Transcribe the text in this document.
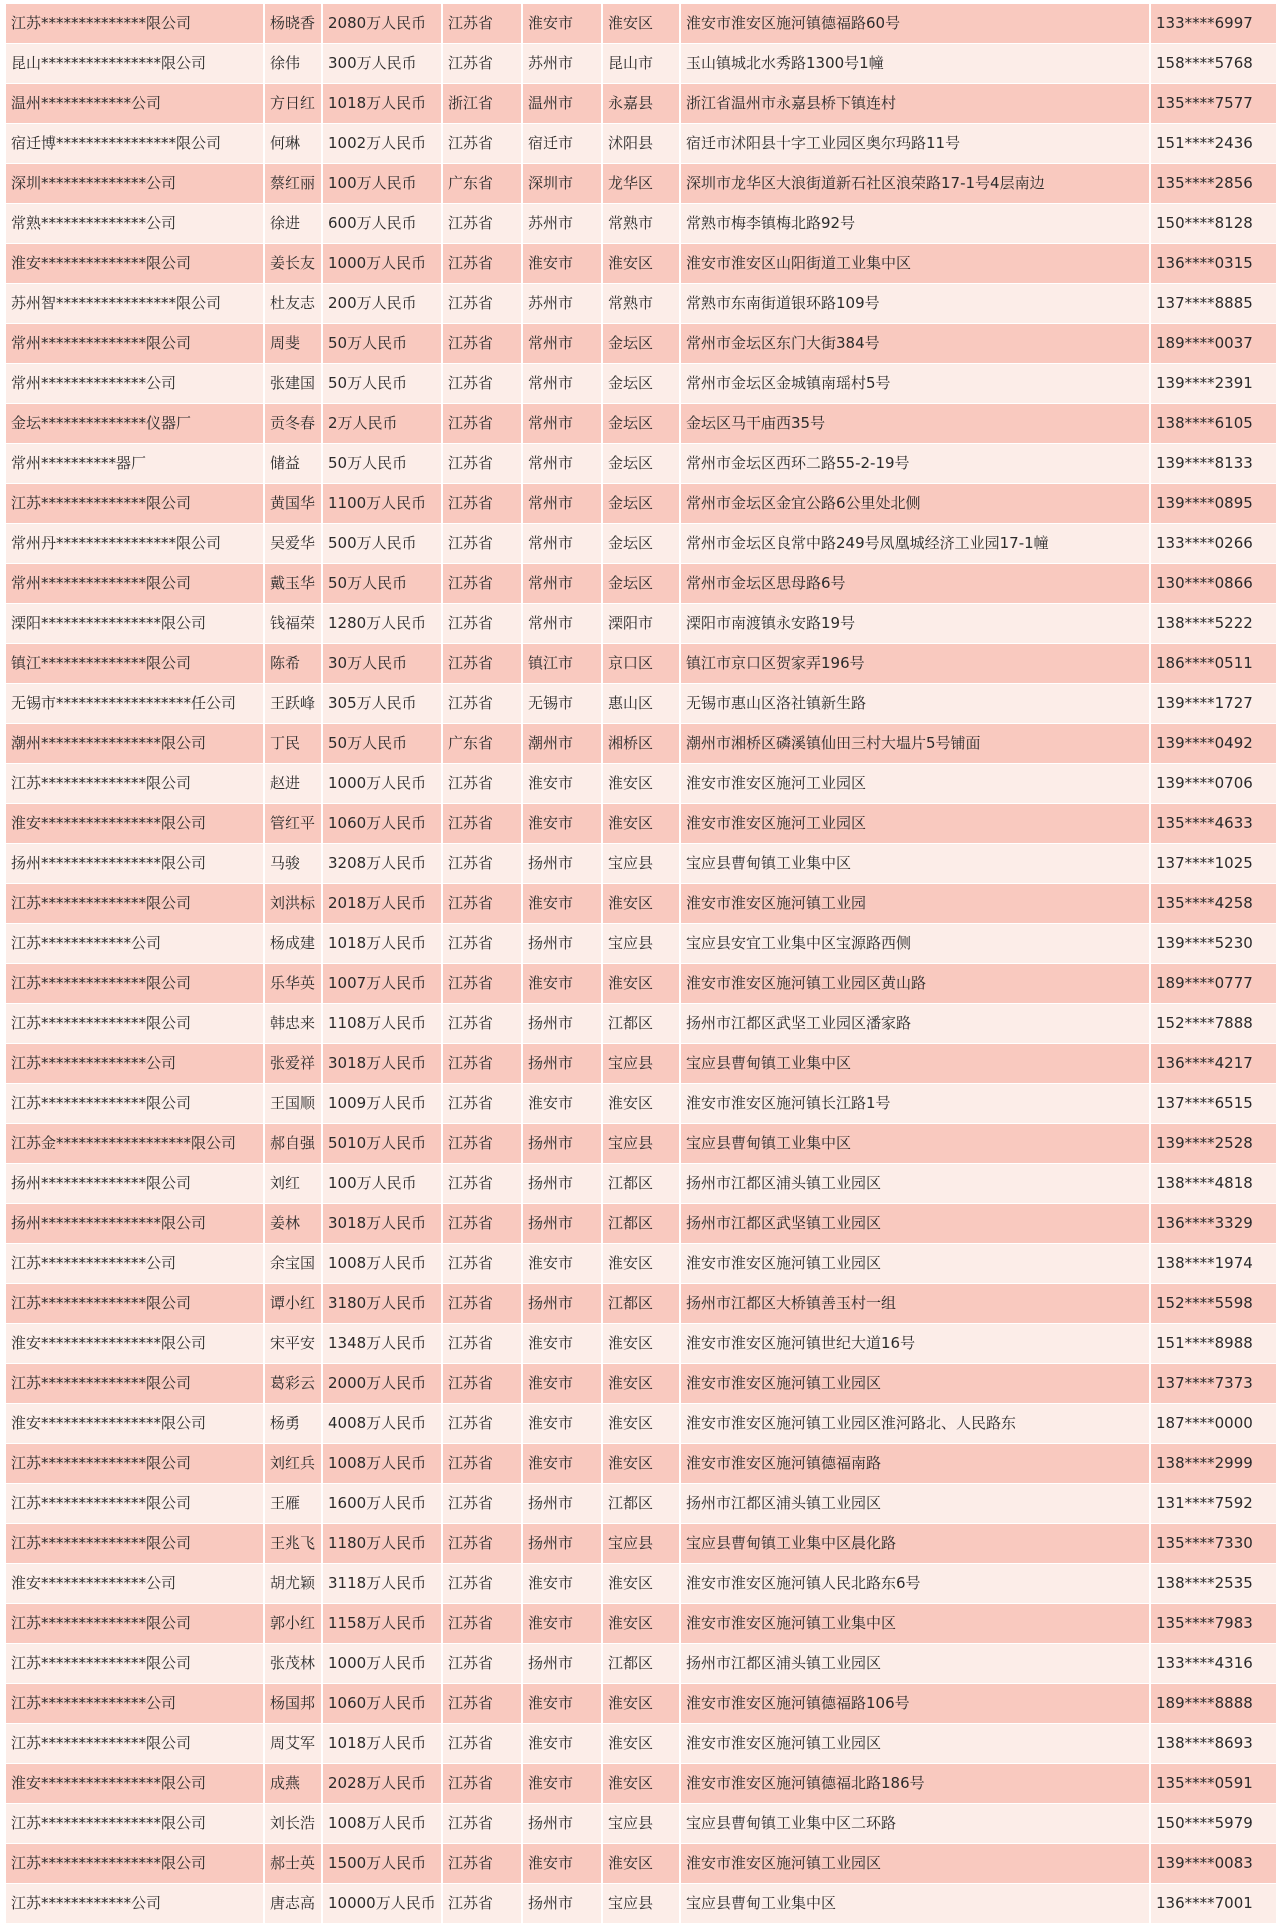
江苏**************限公司	杨晓香	2080万人民币	江苏省	淮安市	淮安区	淮安市淮安区施河镇德福路60号	133****6997
昆山****************限公司	徐伟	300万人民币	江苏省	苏州市	昆山市	玉山镇城北水秀路1300号1幢	158****5768
温州************公司	方日红	1018万人民币	浙江省	温州市	永嘉县	浙江省温州市永嘉县桥下镇连村	135****7577
宿迁博****************限公司	何琳	1002万人民币	江苏省	宿迁市	沭阳县	宿迁市沭阳县十字工业园区奥尔玛路11号	151****2436
深圳**************公司	蔡红丽	100万人民币	广东省	深圳市	龙华区	深圳市龙华区大浪街道新石社区浪荣路17-1号4层南边	135****2856
常熟**************公司	徐进	600万人民币	江苏省	苏州市	常熟市	常熟市梅李镇梅北路92号	150****8128
淮安**************限公司	姜长友	1000万人民币	江苏省	淮安市	淮安区	淮安市淮安区山阳街道工业集中区	136****0315
苏州智****************限公司	杜友志	200万人民币	江苏省	苏州市	常熟市	常熟市东南街道银环路109号	137****8885
常州**************限公司	周斐	50万人民币	江苏省	常州市	金坛区	常州市金坛区东门大街384号	189****0037
常州**************公司	张建国	50万人民币	江苏省	常州市	金坛区	常州市金坛区金城镇南瑶村5号	139****2391
金坛**************仪器厂	贡冬春	2万人民币	江苏省	常州市	金坛区	金坛区马干庙西35号	138****6105
常州**********器厂	储益	50万人民币	江苏省	常州市	金坛区	常州市金坛区西环二路55-2-19号	139****8133
江苏**************限公司	黄国华	1100万人民币	江苏省	常州市	金坛区	常州市金坛区金宜公路6公里处北侧	139****0895
常州丹****************限公司	吴爱华	500万人民币	江苏省	常州市	金坛区	常州市金坛区良常中路249号凤凰城经济工业园17-1幢	133****0266
常州**************限公司	戴玉华	50万人民币	江苏省	常州市	金坛区	常州市金坛区思母路6号	130****0866
溧阳****************限公司	钱福荣	1280万人民币	江苏省	常州市	溧阳市	溧阳市南渡镇永安路19号	138****5222
镇江**************限公司	陈希	30万人民币	江苏省	镇江市	京口区	镇江市京口区贺家弄196号	186****0511
无锡市******************任公司	王跃峰	305万人民币	江苏省	无锡市	惠山区	无锡市惠山区洛社镇新生路	139****1727
潮州****************限公司	丁民	50万人民币	广东省	潮州市	湘桥区	潮州市湘桥区磷溪镇仙田三村大塭片5号铺面	139****0492
江苏**************限公司	赵进	1000万人民币	江苏省	淮安市	淮安区	淮安市淮安区施河工业园区	139****0706
淮安****************限公司	管红平	1060万人民币	江苏省	淮安市	淮安区	淮安市淮安区施河工业园区	135****4633
扬州****************限公司	马骏	3208万人民币	江苏省	扬州市	宝应县	宝应县曹甸镇工业集中区	137****1025
江苏**************限公司	刘洪标	2018万人民币	江苏省	淮安市	淮安区	淮安市淮安区施河镇工业园	135****4258
江苏************公司	杨成建	1018万人民币	江苏省	扬州市	宝应县	宝应县安宜工业集中区宝源路西侧	139****5230
江苏**************限公司	乐华英	1007万人民币	江苏省	淮安市	淮安区	淮安市淮安区施河镇工业园区黄山路	189****0777
江苏**************限公司	韩忠来	1108万人民币	江苏省	扬州市	江都区	扬州市江都区武坚工业园区潘家路	152****7888
江苏**************公司	张爱祥	3018万人民币	江苏省	扬州市	宝应县	宝应县曹甸镇工业集中区	136****4217
江苏**************限公司	王国顺	1009万人民币	江苏省	淮安市	淮安区	淮安市淮安区施河镇长江路1号	137****6515
江苏金******************限公司	郝自强	5010万人民币	江苏省	扬州市	宝应县	宝应县曹甸镇工业集中区	139****2528
扬州**************限公司	刘红	100万人民币	江苏省	扬州市	江都区	扬州市江都区浦头镇工业园区	138****4818
扬州****************限公司	姜林	3018万人民币	江苏省	扬州市	江都区	扬州市江都区武坚镇工业园区	136****3329
江苏**************公司	余宝国	1008万人民币	江苏省	淮安市	淮安区	淮安市淮安区施河镇工业园区	138****1974
江苏**************限公司	谭小红	3180万人民币	江苏省	扬州市	江都区	扬州市江都区大桥镇善玉村一组	152****5598
淮安****************限公司	宋平安	1348万人民币	江苏省	淮安市	淮安区	淮安市淮安区施河镇世纪大道16号	151****8988
江苏**************限公司	葛彩云	2000万人民币	江苏省	淮安市	淮安区	淮安市淮安区施河镇工业园区	137****7373
淮安****************限公司	杨勇	4008万人民币	江苏省	淮安市	淮安区	淮安市淮安区施河镇工业园区淮河路北、人民路东	187****0000
江苏**************限公司	刘红兵	1008万人民币	江苏省	淮安市	淮安区	淮安市淮安区施河镇德福南路	138****2999
江苏**************限公司	王雁	1600万人民币	江苏省	扬州市	江都区	扬州市江都区浦头镇工业园区	131****7592
江苏**************限公司	王兆飞	1180万人民币	江苏省	扬州市	宝应县	宝应县曹甸镇工业集中区晨化路	135****7330
淮安**************公司	胡尤颖	3118万人民币	江苏省	淮安市	淮安区	淮安市淮安区施河镇人民北路东6号	138****2535
江苏**************限公司	郭小红	1158万人民币	江苏省	淮安市	淮安区	淮安市淮安区施河镇工业集中区	135****7983
江苏**************限公司	张茂林	1000万人民币	江苏省	扬州市	江都区	扬州市江都区浦头镇工业园区	133****4316
江苏**************公司	杨国邦	1060万人民币	江苏省	淮安市	淮安区	淮安市淮安区施河镇德福路106号	189****8888
江苏**************限公司	周艾军	1018万人民币	江苏省	淮安市	淮安区	淮安市淮安区施河镇工业园区	138****8693
淮安****************限公司	成燕	2028万人民币	江苏省	淮安市	淮安区	淮安市淮安区施河镇德福北路186号	135****0591
江苏****************限公司	刘长浩	1008万人民币	江苏省	扬州市	宝应县	宝应县曹甸镇工业集中区二环路	150****5979
江苏****************限公司	郝士英	1500万人民币	江苏省	淮安市	淮安区	淮安市淮安区施河镇工业园区	139****0083
江苏************公司	唐志高	10000万人民币	江苏省	扬州市	宝应县	宝应县曹甸工业集中区	136****7001
